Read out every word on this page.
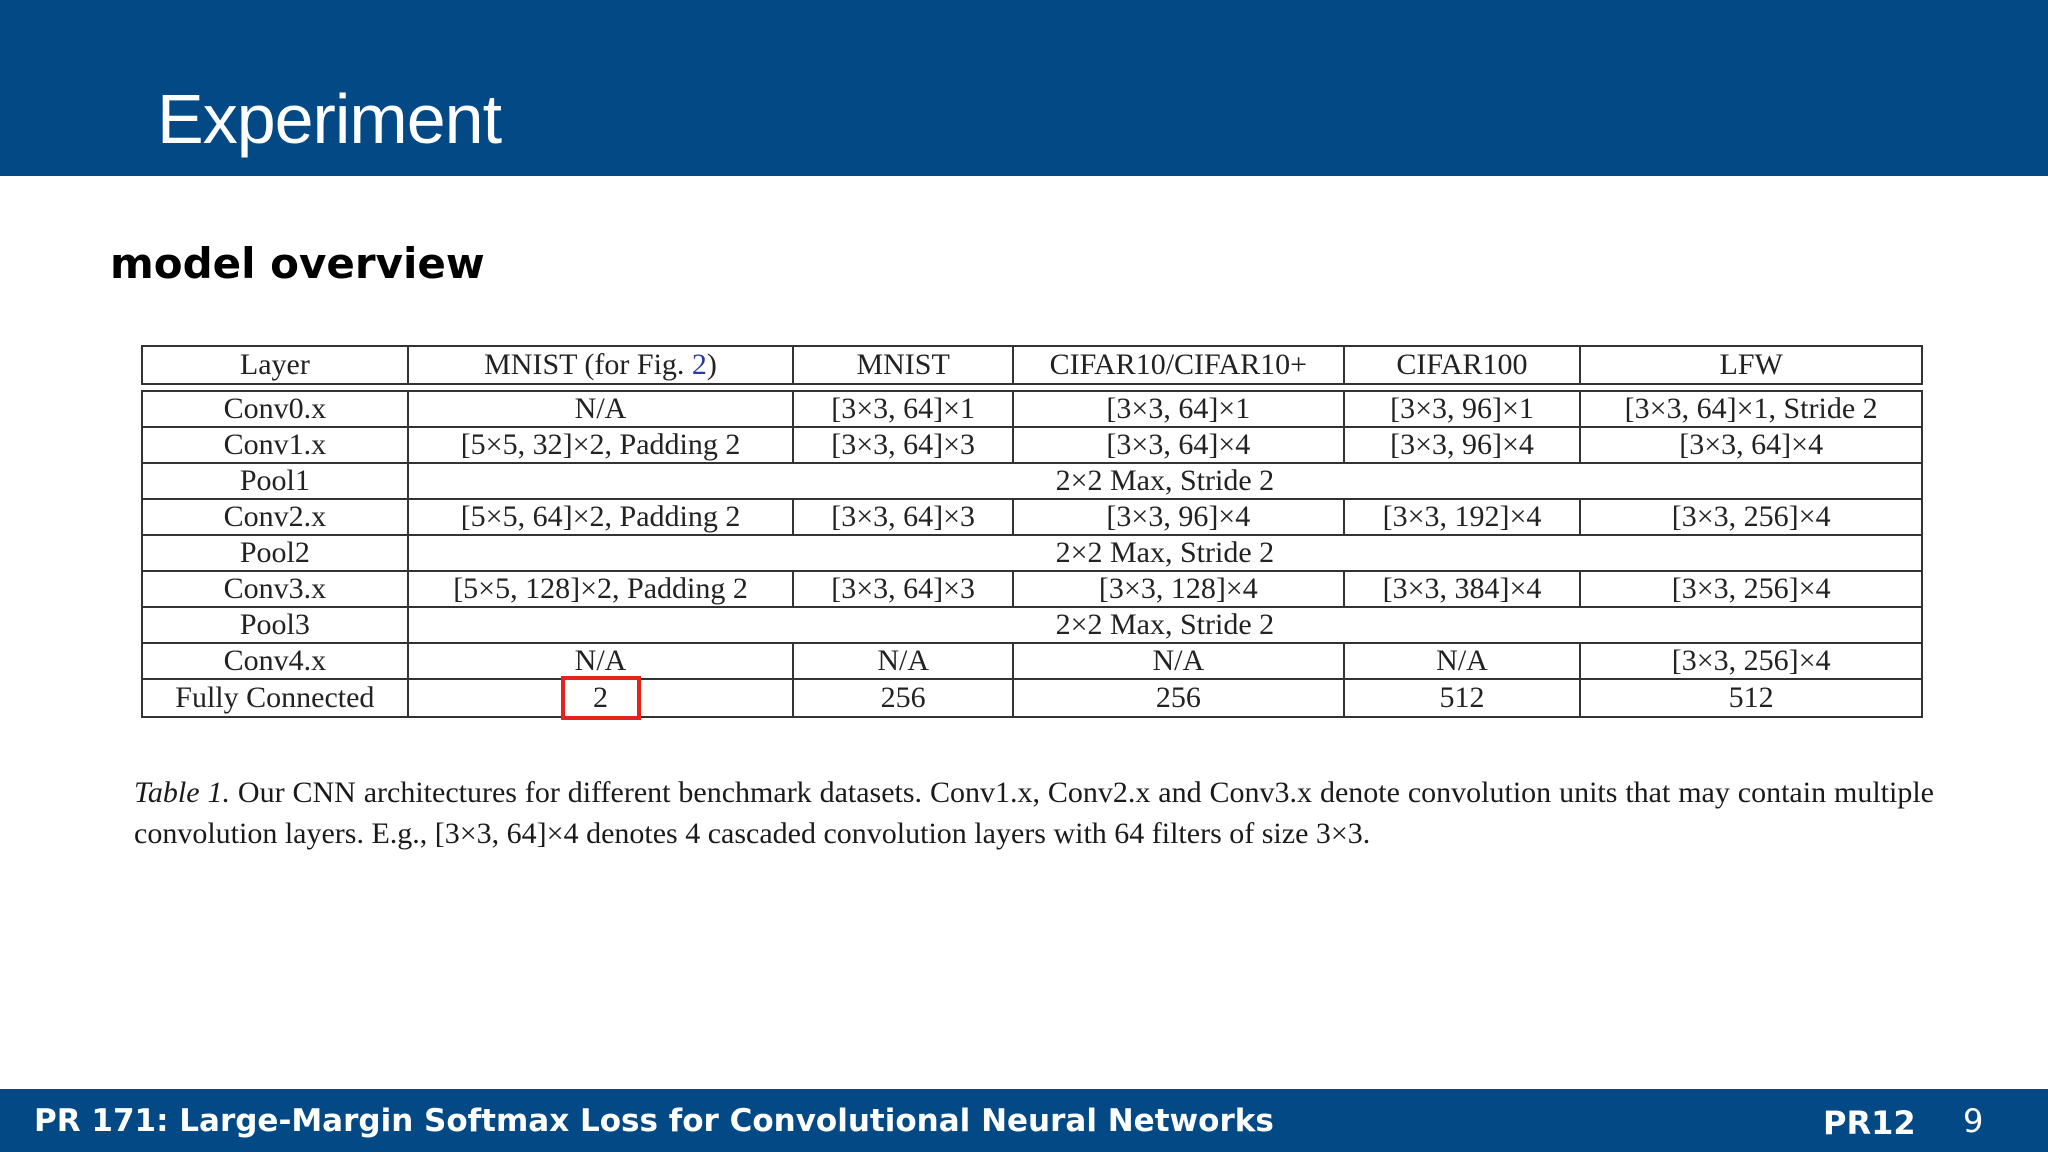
Experiment
model overview
Layer	MNIST (for Fig. 2)	MNIST	CIFAR10/CIFAR10+	CIFAR100	LFW

Conv0.x	N/A	[3×3, 64]×1	[3×3, 64]×1	[3×3, 96]×1	[3×3, 64]×1, Stride 2
Conv1.x	[5×5, 32]×2, Padding 2	[3×3, 64]×3	[3×3, 64]×4	[3×3, 96]×4	[3×3, 64]×4
Pool1	2×2 Max, Stride 2				
Conv2.x	[5×5, 64]×2, Padding 2	[3×3, 64]×3	[3×3, 96]×4	[3×3, 192]×4	[3×3, 256]×4
Pool2	2×2 Max, Stride 2				
Conv3.x	[5×5, 128]×2, Padding 2	[3×3, 64]×3	[3×3, 128]×4	[3×3, 384]×4	[3×3, 256]×4
Pool3	2×2 Max, Stride 2				
Conv4.x	N/A	N/A	N/A	N/A	[3×3, 256]×4
Fully Connected	2	256	256	512	512
Table 1. Our CNN architectures for different benchmark datasets. Conv1.x, Conv2.x and Conv3.x denote convolution units that may contain multiple convolution layers. E.g., [3×3, 64]×4 denotes 4 cascaded convolution layers with 64 filters of size 3×3.
PR 171: Large-Margin Softmax Loss for Convolutional Neural Networks	PR12 9
